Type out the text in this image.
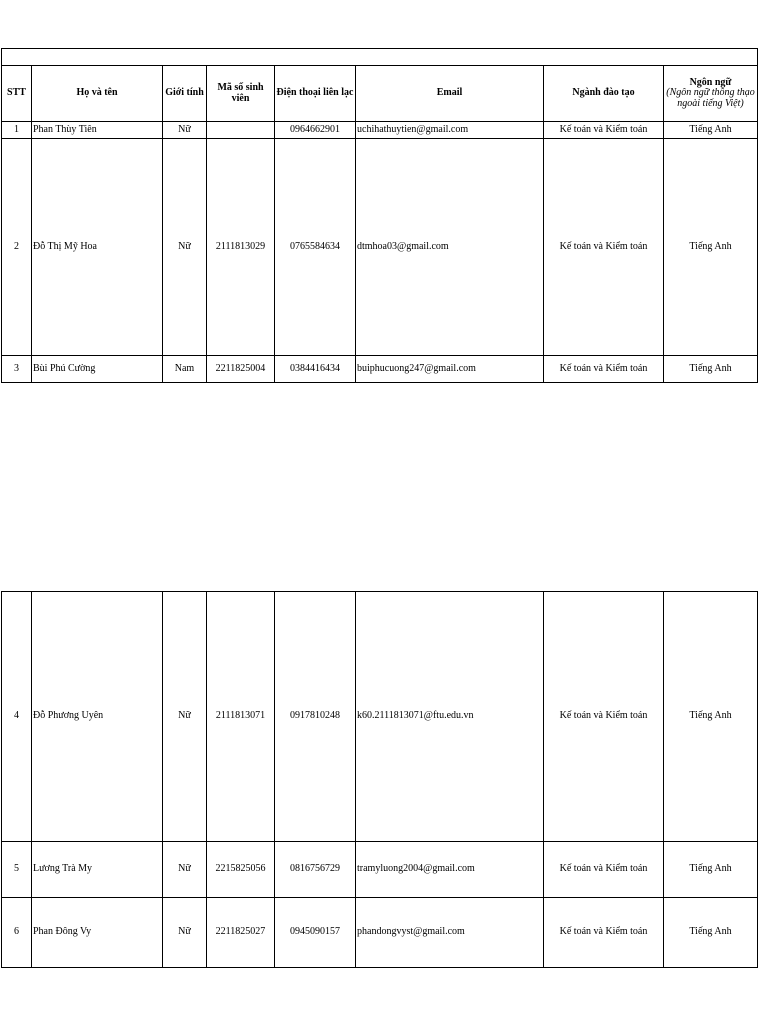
STT	Họ và tên	Giới tính	Mã số sinh viên	Điện thoại liên lạc	Email	Ngành đào tạo	Ngôn ngữ
(Ngôn ngữ thông thạo ngoài tiếng Việt)

1	Phan Thùy Tiên	Nữ		0964662901	uchihathuytien@gmail.com	Kế toán và Kiểm toán	Tiếng Anh
2	Đỗ Thị Mỹ Hoa	Nữ	2111813029	0765584634	dtmhoa03@gmail.com	Kế toán và Kiểm toán	Tiếng Anh
3	Bùi Phú Cường	Nam	2211825004	0384416434	buiphucuong247@gmail.com	Kế toán và Kiểm toán	Tiếng Anh
4	Đỗ Phương Uyên	Nữ	2111813071	0917810248	k60.2111813071@ftu.edu.vn	Kế toán và Kiểm toán	Tiếng Anh
5	Lương Trà My	Nữ	2215825056	0816756729	tramyluong2004@gmail.com	Kế toán và Kiểm toán	Tiếng Anh
6	Phan Đông Vy	Nữ	2211825027	0945090157	phandongvyst@gmail.com	Kế toán và Kiểm toán	Tiếng Anh
